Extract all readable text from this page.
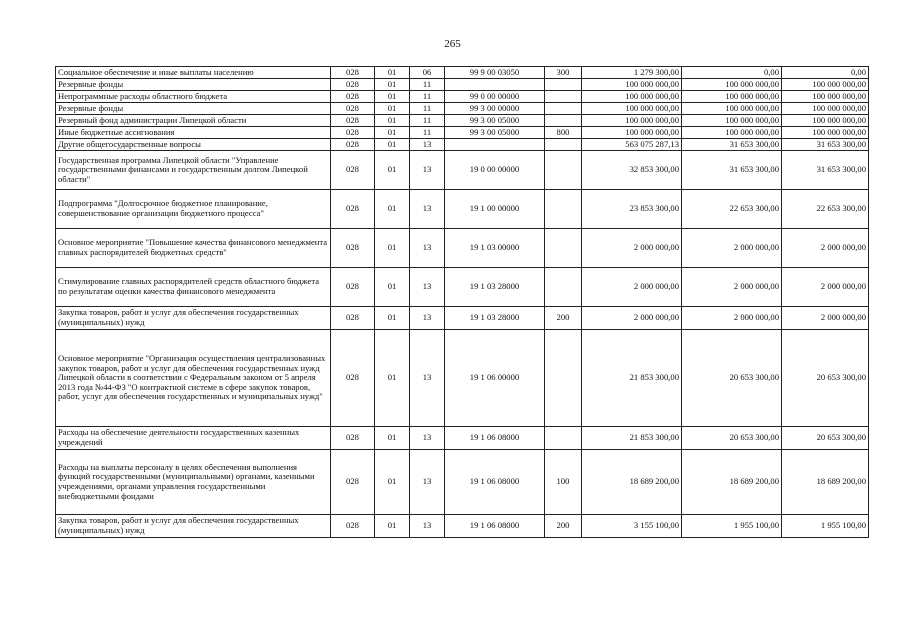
265
Социальное обеспечение и иные выплаты населению	028	01	06	99 9 00 03050	300	1 279 300,00	0,00	0,00
Резервные фонды	028	01	11			100 000 000,00	100 000 000,00	100 000 000,00
Непрограммные расходы областного бюджета	028	01	11	99 0 00 00000		100 000 000,00	100 000 000,00	100 000 000,00
Резервные фонды	028	01	11	99 3 00 00000		100 000 000,00	100 000 000,00	100 000 000,00
Резервный фонд администрации Липецкой области	028	01	11	99 3 00 05000		100 000 000,00	100 000 000,00	100 000 000,00
Иные бюджетные ассигнования	028	01	11	99 3 00 05000	800	100 000 000,00	100 000 000,00	100 000 000,00
Другие общегосударственные вопросы	028	01	13			563 075 287,13	31 653 300,00	31 653 300,00
Государственная программа Липецкой области "Управление государственными финансами и государственным долгом Липецкой области"	028	01	13	19 0 00 00000		32 853 300,00	31 653 300,00	31 653 300,00
Подпрограмма "Долгосрочное бюджетное планирование, совершенствование организации бюджетного процесса"	028	01	13	19 1 00 00000		23 853 300,00	22 653 300,00	22 653 300,00
Основное мероприятие "Повышение качества финансового менеджмента главных распорядителей бюджетных средств"	028	01	13	19 1 03 00000		2 000 000,00	2 000 000,00	2 000 000,00
Стимулирование главных распорядителей средств областного бюджета по результатам оценки качества финансового менеджмента	028	01	13	19 1 03 28000		2 000 000,00	2 000 000,00	2 000 000,00
Закупка товаров, работ и услуг для обеспечения государственных (муниципальных) нужд	028	01	13	19 1 03 28000	200	2 000 000,00	2 000 000,00	2 000 000,00
Основное мероприятие "Организация осуществления централизованных закупок товаров, работ и услуг для обеспечения государственных нужд Липецкой области в соответствии с Федеральным законом от 5 апреля 2013 года №44-ФЗ "О контрактной системе в сфере закупок товаров, работ, услуг для обеспечения государственных и муниципальных нужд"	028	01	13	19 1 06 00000		21 853 300,00	20 653 300,00	20 653 300,00
Расходы на обеспечение деятельности государственных казенных учреждений	028	01	13	19 1 06 08000		21 853 300,00	20 653 300,00	20 653 300,00
Расходы на выплаты персоналу в целях обеспечения выполнения функций государственными (муниципальными) органами, казенными учреждениями, органами управления государственными внебюджетными фондами	028	01	13	19 1 06 08000	100	18 689 200,00	18 689 200,00	18 689 200,00
Закупка товаров, работ и услуг для обеспечения государственных (муниципальных) нужд	028	01	13	19 1 06 08000	200	3 155 100,00	1 955 100,00	1 955 100,00
